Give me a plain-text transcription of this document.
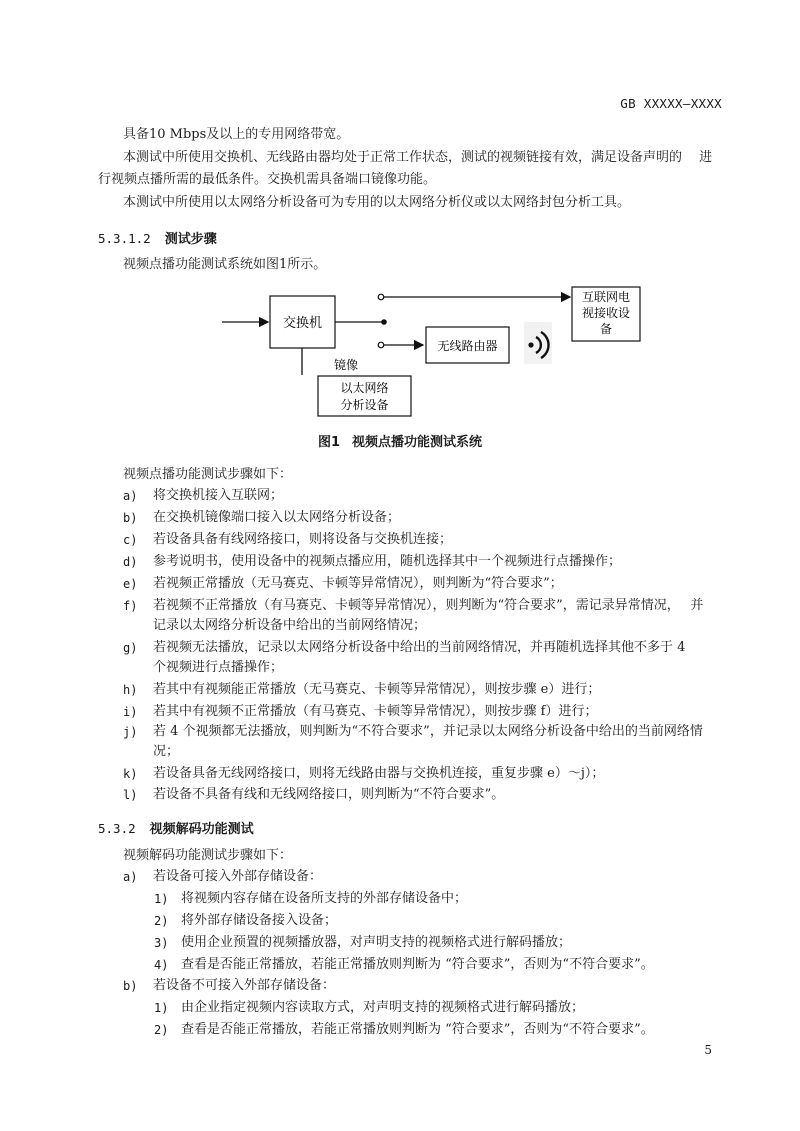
GB XXXXX—XXXX
具备10 Mbps及以上的专用网络带宽。
本测试中所使用交换机、无线路由器均处于正常工作状态，测试的视频链接有效，满足设备声明的　 进
行视频点播所需的最低条件。交换机需具备端口镜像功能。
本测试中所使用以太网络分析设备可为专用的以太网络分析仪或以太网络封包分析工具。
5.3.1.2 测试步骤
视频点播功能测试系统如图1所示。
交换机
互联网电
视接收设
备
无线路由器
镜像
以太网络
分析设备
图1 视频点播功能测试系统
视频点播功能测试步骤如下：
a)	将交换机接入互联网；
b)	在交换机镜像端口接入以太网络分析设备；
c)	若设备具备有线网络接口，则将设备与交换机连接；
d)	参考说明书，使用设备中的视频点播应用，随机选择其中一个视频进行点播操作；
e)	若视频正常播放（无马赛克、卡顿等异常情况），则判断为“符合要求”；
f)	若视频不正常播放（有马赛克、卡顿等异常情况），则判断为“符合要求”，需记录异常情况，　 并
记录以太网络分析设备中给出的当前网络情况；
g)	若视频无法播放，记录以太网络分析设备中给出的当前网络情况，并再随机选择其他不多于 4
个视频进行点播操作；
h)	若其中有视频能正常播放（无马赛克、卡顿等异常情况），则按步骤 e）进行；
i)	若其中有视频不正常播放（有马赛克、卡顿等异常情况），则按步骤 f）进行；
j)	若 4 个视频都无法播放，则判断为“不符合要求”，并记录以太网络分析设备中给出的当前网络情
况；
k)	若设备具备无线网络接口，则将无线路由器与交换机连接，重复步骤 e）～j）；
l)	若设备不具备有线和无线网络接口，则判断为“不符合要求”。
5.3.2 视频解码功能测试
视频解码功能测试步骤如下：
a)	若设备可接入外部存储设备：
1) 将视频内容存储在设备所支持的外部存储设备中；
2) 将外部存储设备接入设备；
3) 使用企业预置的视频播放器，对声明支持的视频格式进行解码播放；
4) 查看是否能正常播放，若能正常播放则判断为 “符合要求”，否则为“不符合要求”。
b)	若设备不可接入外部存储设备：
1) 由企业指定视频内容读取方式，对声明支持的视频格式进行解码播放；
2) 查看是否能正常播放，若能正常播放则判断为 “符合要求”，否则为“不符合要求”。
5
